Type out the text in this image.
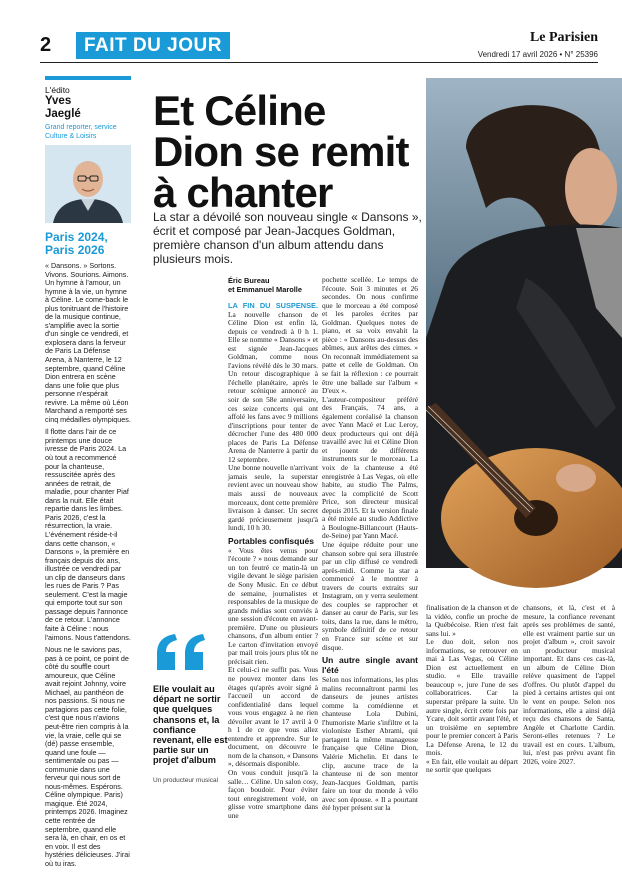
2	FAIT DU JOUR	Le Parisien
Vendredi 17 avril 2026 • N° 25396
L'édito
Yves
Jaeglé
Grand reporter, service Culture & Loisirs
Paris 2024, Paris 2026

« Dansons. » Sortons. Vivons. Sourions. Aimons. Un hymne à l'amour, un hymne à la vie, un hymne à Céline. Le come-back le plus tonitruant de l'histoire de la musique continue, s'amplifie avec la sortie d'un single ce vendredi, et explosera dans la ferveur de Paris La Défense Arena, à Nanterre, le 12 septembre, quand Céline Dion entrera en scène dans une folie que plus personne n'espérait revivre. La même où Léon Marchand a remporté ses cinq médailles olympiques.

Il flotte dans l'air de ce printemps une douce ivresse de Paris 2024. La où tout a recommencé pour la chanteuse, ressuscitée après des années de retrait, de maladie, pour chanter Piaf dans la nuit. Elle était repartie dans les limbes. Paris 2026, c'est la résurrection, la vraie. L'événement réside-t-il dans cette chanson, « Dansons », la première en français depuis dix ans, illustrée ce vendredi par un clip de danseurs dans les rues de Paris ? Pas seulement. C'est la magie qui emporte tout sur son passage depuis l'annonce de ce retour. L'annonce faite à Céline : nous l'aimons. Nous t'attendons.

Nous ne le savions pas, pas à ce point, ce point de côté du souffle court amoureux, que Céline avait rejoint Johnny, voire Michael, au panthéon de nos passions. Si nous ne partagions pas cette folie, c'est que nous n'avions peut-être rien compris à la vie, la vraie, celle qui se (dé) passe ensemble, quand une foule — sentimentale ou pas — communie dans une ferveur qui nous sort de nous-mêmes. Espérons. Céline olympique. Paris) magique. Été 2024, printemps 2026. Imaginez cette rentrée de septembre, quand elle sera là, en chair, en os et en voix. Il est des hystéries délicieuses. J'irai où tu iras.

Et Céline Dion se remit à chanter
La star a dévoilé son nouveau single « Dansons », écrit et composé par Jean-Jacques Goldman, première chanson d'un album attendu dans plusieurs mois.
Éric Bureau
et Emmanuel Marolle

LA FIN DU SUSPENSE. La nouvelle chanson de Céline Dion est enfin là, depuis ce vendredi à 0 h 1. Elle se nomme « Dansons » et est signée Jean-Jacques Goldman, comme nous l'avions révélé dès le 30 mars. Un retour discographique à l'échelle planétaire, après le retour scénique annoncé au soir de son 58e anniversaire, ces seize concerts qui ont affolé les fans avec 9 millions d'inscriptions pour tenter de décrocher l'une des 480 000 places de Paris La Défense Arena de Nanterre à partir du 12 septembre.

Une bonne nouvelle n'arrivant jamais seule, la superstar revient avec un nouveau show mais aussi de nouveaux morceaux, dont cette première livraison à danser. Un secret gardé précieusement jusqu'à lundi, 10 h 30.

Portables confisqués

« Vous êtes venus pour l'écoute ? » nous demande sur un ton feutré ce matin-là un vigile devant le siège parisien de Sony Music. En ce début de semaine, journalistes et responsables de la musique de grands médias sont conviés à une session d'écoute en avant-première. D'une ou plusieurs chansons, d'un album entier ? Le carton d'invitation envoyé par mail trois jours plus tôt ne précisait rien.

Et celui-ci ne suffit pas. Vous ne pouvez monter dans les étages qu'après avoir signé à l'accueil un accord de confidentialité dans lequel vous vous engagez à ne rien dévoiler avant le 17 avril à 0 h 1 de ce que vous allez entendre et apprendre. Sur le document, on découvre le nom de la chanson, « Dansons », désormais disponible.

On vous conduit jusqu'à la salle… Céline. Un salon cosy, façon boudoir. Pour éviter tout enregistrement volé, on glisse votre smartphone dans une

pochette scellée. Le temps de l'écoute. Soit 3 minutes et 26 secondes. On nous confirme que le morceau a été composé et les paroles écrites par Goldman. Quelques notes de piano, et sa voix envahit la pièce : « Dansons au-dessus des abîmes, aux arêtes des cimes. » On reconnaît immédiatement sa patte et celle de Goldman. On se fait la réflexion : ce pourrait être une ballade sur l'album « D'eux ».

L'auteur-compositeur préféré des Français, 74 ans, a également coréalisé la chanson avec Yann Macé et Luc Leroy, deux producteurs qui ont déjà travaillé avec lui et Céline Dion et jouent de différents instruments sur le morceau. La voix de la chanteuse a été enregistrée à Las Vegas, où elle habite, au studio The Palms, avec la complicité de Scott Price, son directeur musical depuis 2015. Et la version finale a été mixée au studio Addictive à Boulogne-Billancourt (Hauts-de-Seine) par Yann Macé.

Une équipe réduite pour une chanson sobre qui sera illustrée par un clip diffusé ce vendredi après-midi. Comme la star a commencé à le montrer à travers de courts extraits sur Instagram, on y verra seulement des couples se rapprocher et danser au cœur de Paris, sur les toits, dans la rue, dans le métro, symbole définitif de ce retour en France sur scène et sur disque.

Un autre single avant l'été

Selon nos informations, les plus malins reconnaîtront parmi les danseurs de jeunes artistes comme la comédienne et chanteuse Lola Dubini, l'humoriste Marie s'infiltre et la violoniste Esther Abrami, qui partagent la même manageuse française que Céline Dion, Valérie Michelin. Et dans le clip, aucune trace de la chanteuse ni de son mentor Jean-Jacques Goldman, partis faire un tour du monde à vélo avec son épouse. « Il a pourtant été hyper présent sur la

finalisation de la chanson et de la vidéo, confie un proche de la Québécoise. Rien n'est fait sans lui. »

Le duo doit, selon nos informations, se retrouver en mai à Las Vegas, où Céline Dion est actuellement en studio. « Elle travaille beaucoup », jure l'une de ses collaboratrices. Car la superstar prépare la suite. Un autre single, écrit cette fois par Ycare, doit sortir avant l'été, et un troisième en septembre pour le premier concert à Paris La Défense Arena, le 12 du mois.

« En fait, elle voulait au départ ne sortir que quelques

chansons, et là, c'est et à mesure, la confiance revenant après ses problèmes de santé, elle est vraiment partie sur un projet d'album », croit savoir un producteur musical important. Et dans ces cas-là, un album de Céline Dion relève quasiment de l'appel d'offres. Ou plutôt d'appel du pied à certains artistes qui ont le vent en poupe. Selon nos informations, elle a ainsi déjà reçu des chansons de Santa, Angèle et Charlotte Cardin. Seront-elles retenues ? Le travail est en cours. L'album, lui, n'est pas prévu avant fin 2026, voire 2027.

Elle voulait au départ ne sortir que quelques chansons et, la confiance revenant, elle est partie sur un projet d'album
Un producteur musical
